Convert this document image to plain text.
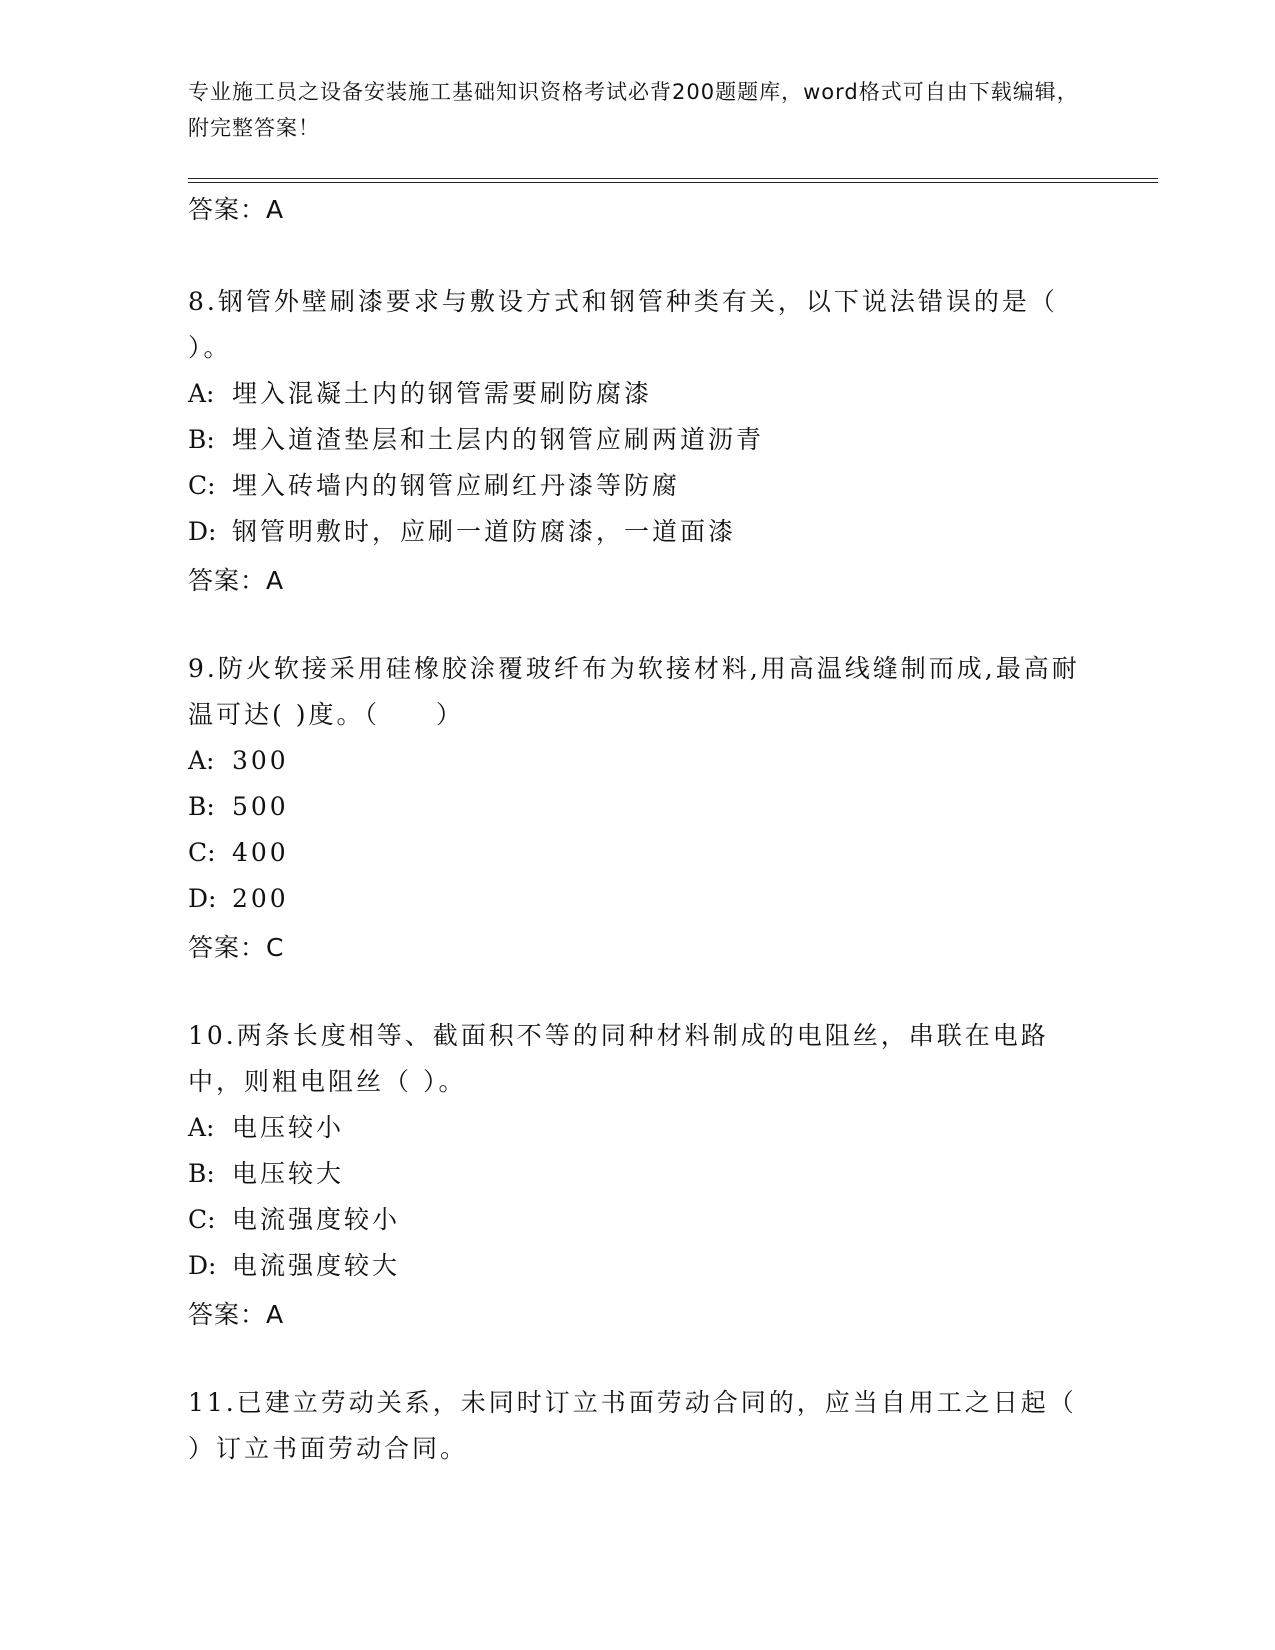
专业施工员之设备安装施工基础知识资格考试必背200题题库，word格式可自由下载编辑，附完整答案！
答案：A
8.钢管外壁刷漆要求与敷设方式和钢管种类有关，以下说法错误的是（ ）。
A: 埋入混凝土内的钢管需要刷防腐漆
B: 埋入道渣垫层和土层内的钢管应刷两道沥青
C: 埋入砖墙内的钢管应刷红丹漆等防腐
D: 钢管明敷时，应刷一道防腐漆，一道面漆
答案：A
9.防火软接采用硅橡胶涂覆玻纤布为软接材料,用高温线缝制而成,最高耐温可达( )度。（　　）
A: 300
B: 500
C: 400
D: 200
答案：C
10.两条长度相等、截面积不等的同种材料制成的电阻丝，串联在电路中，则粗电阻丝（ ）。
A: 电压较小
B: 电压较大
C: 电流强度较小
D: 电流强度较大
答案：A
11.已建立劳动关系，未同时订立书面劳动合同的，应当自用工之日起（ ）订立书面劳动合同。
